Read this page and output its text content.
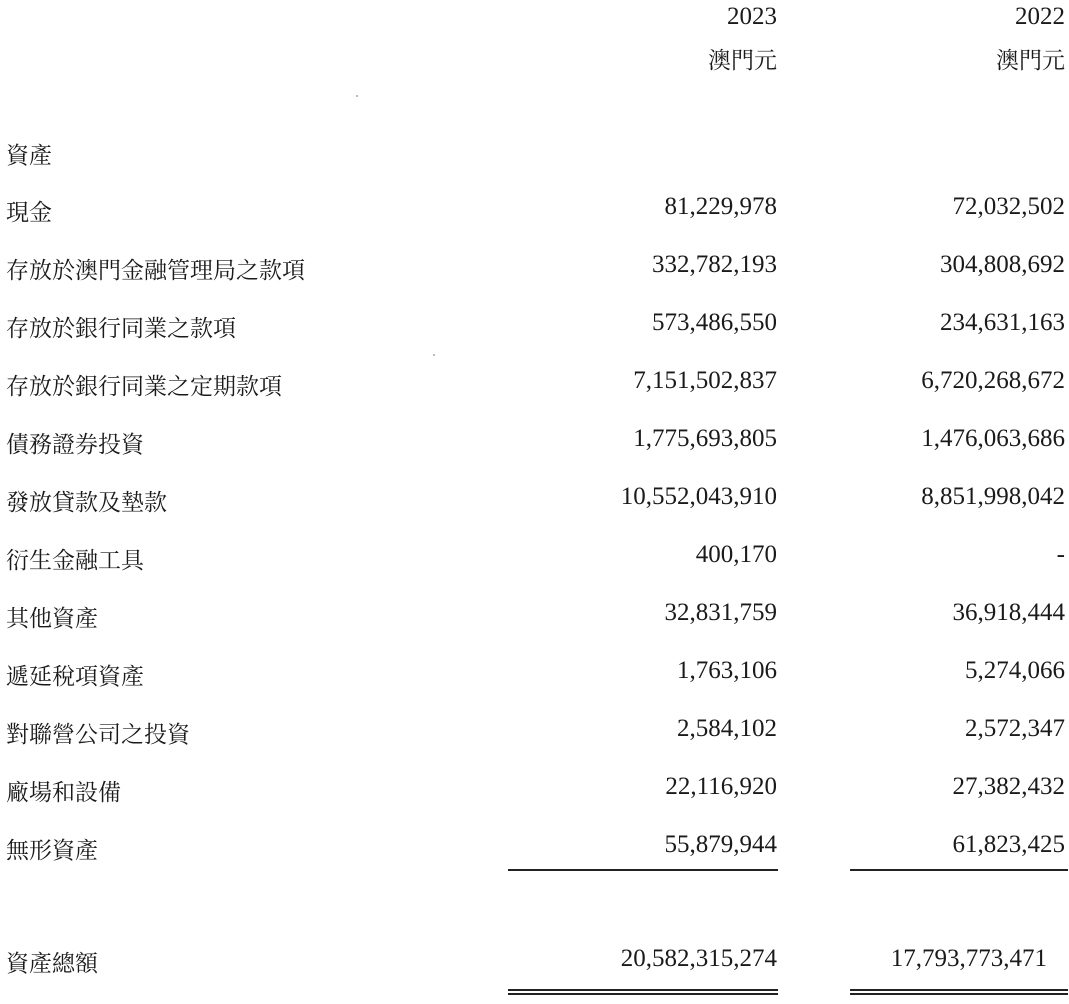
2023	2022
澳門元	澳門元
資產
現金	81,229,978	72,032,502
存放於澳門金融管理局之款項	332,782,193	304,808,692
存放於銀行同業之款項	573,486,550	234,631,163
存放於銀行同業之定期款項	7,151,502,837	6,720,268,672
債務證券投資	1,775,693,805	1,476,063,686
發放貸款及墊款	10,552,043,910	8,851,998,042
衍生金融工具	400,170	-
其他資產	32,831,759	36,918,444
遞延稅項資產	1,763,106	5,274,066
對聯營公司之投資	2,584,102	2,572,347
廠場和設備	22,116,920	27,382,432
無形資產	55,879,944	61,823,425
資產總額	20,582,315,274	17,793,773,471
